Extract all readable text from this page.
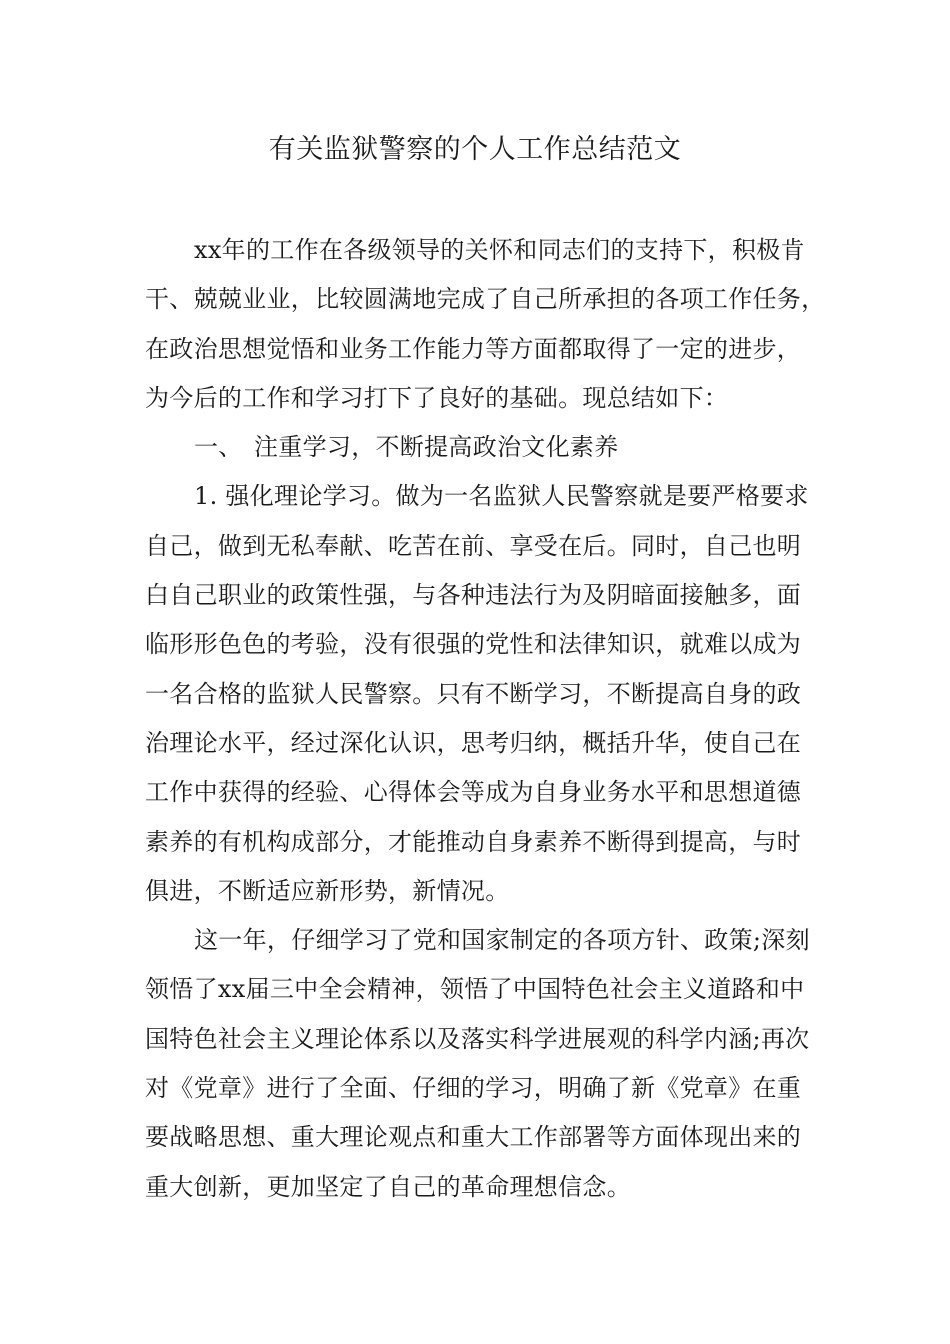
有关监狱警察的个人工作总结范文
xx年的工作在各级领导的关怀和同志们的支持下，积极肯
干、兢兢业业，比较圆满地完成了自己所承担的各项工作任务，
在政治思想觉悟和业务工作能力等方面都取得了一定的进步，
为今后的工作和学习打下了良好的基础。现总结如下：
一、 注重学习，不断提高政治文化素养
1. 强化理论学习。做为一名监狱人民警察就是要严格要求
自己，做到无私奉献、吃苦在前、享受在后。同时，自己也明
白自己职业的政策性强，与各种违法行为及阴暗面接触多，面
临形形色色的考验，没有很强的党性和法律知识，就难以成为
一名合格的监狱人民警察。只有不断学习，不断提高自身的政
治理论水平，经过深化认识，思考归纳，概括升华，使自己在
工作中获得的经验、心得体会等成为自身业务水平和思想道德
素养的有机构成部分，才能推动自身素养不断得到提高，与时
俱进，不断适应新形势，新情况。
这一年，仔细学习了党和国家制定的各项方针、政策;深刻
领悟了xx届三中全会精神，领悟了中国特色社会主义道路和中
国特色社会主义理论体系以及落实科学进展观的科学内涵;再次
对《党章》进行了全面、仔细的学习，明确了新《党章》在重
要战略思想、重大理论观点和重大工作部署等方面体现出来的
重大创新，更加坚定了自己的革命理想信念。
